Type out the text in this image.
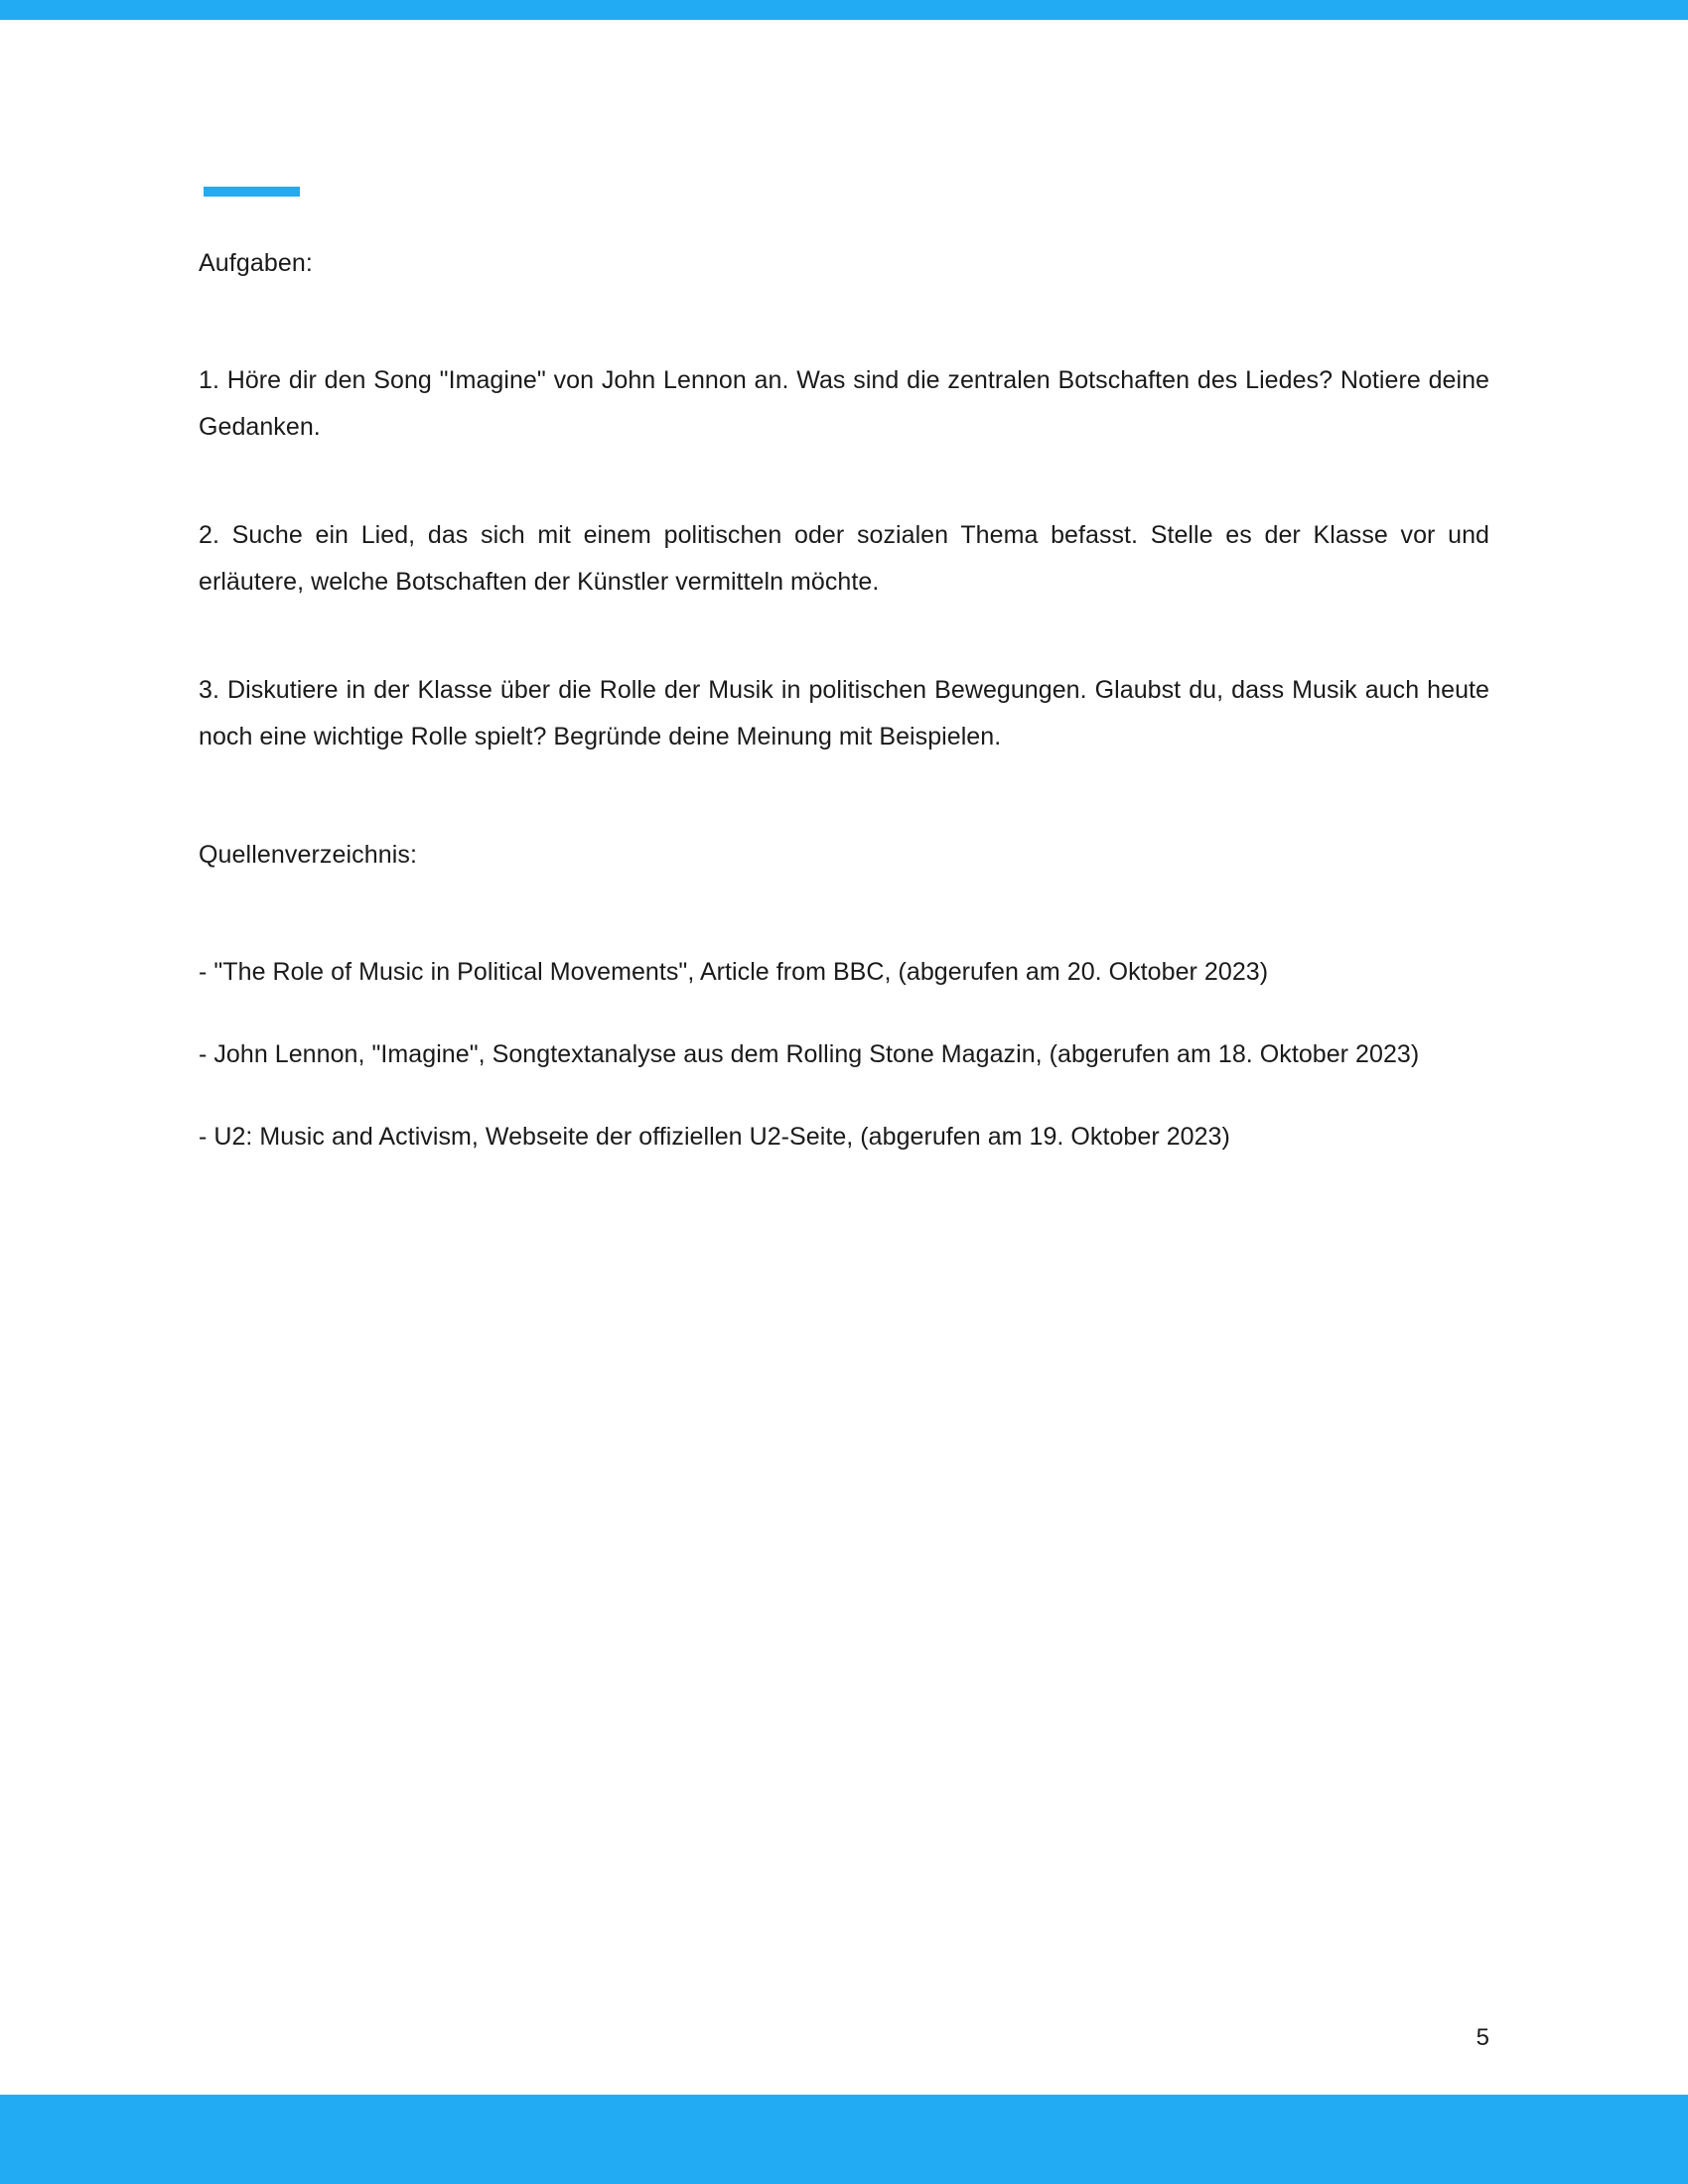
Aufgaben:

1. Höre dir den Song "Imagine" von John Lennon an. Was sind die zentralen Botschaften des Liedes? Notiere deine Gedanken.

2. Suche ein Lied, das sich mit einem politischen oder sozialen Thema befasst. Stelle es der Klasse vor und erläutere, welche Botschaften der Künstler vermitteln möchte.

3. Diskutiere in der Klasse über die Rolle der Musik in politischen Bewegungen. Glaubst du, dass Musik auch heute noch eine wichtige Rolle spielt? Begründe deine Meinung mit Beispielen.

Quellenverzeichnis:
- "The Role of Music in Political Movements", Article from BBC, (abgerufen am 20. Oktober 2023)
- John Lennon, "Imagine", Songtextanalyse aus dem Rolling Stone Magazin, (abgerufen am 18. Oktober 2023)
- U2: Music and Activism, Webseite der offiziellen U2-Seite, (abgerufen am 19. Oktober 2023)
5
